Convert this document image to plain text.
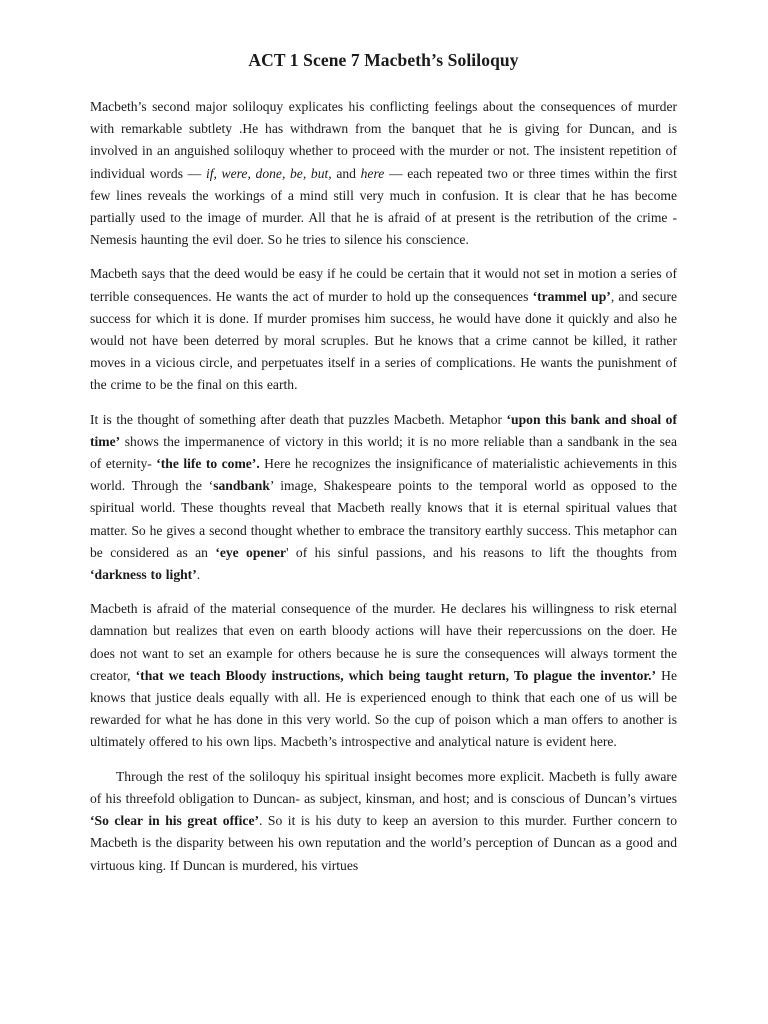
ACT 1 Scene 7 Macbeth’s Soliloquy

Macbeth’s second major soliloquy explicates his conflicting feelings about the consequences of murder with remarkable subtlety .He has withdrawn from the banquet that he is giving for Duncan, and is involved in an anguished soliloquy whether to proceed with the murder or not. The insistent repetition of individual words — if, were, done, be, but, and here — each repeated two or three times within the first few lines reveals the workings of a mind still very much in confusion. It is clear that he has become partially used to the image of murder. All that he is afraid of at present is the retribution of the crime - Nemesis haunting the evil doer. So he tries to silence his conscience.

Macbeth says that the deed would be easy if he could be certain that it would not set in motion a series of terrible consequences. He wants the act of murder to hold up the consequences ‘trammel up’, and secure success for which it is done. If murder promises him success, he would have done it quickly and also he would not have been deterred by moral scruples. But he knows that a crime cannot be killed, it rather moves in a vicious circle, and perpetuates itself in a series of complications. He wants the punishment of the crime to be the final on this earth.

It is the thought of something after death that puzzles Macbeth. Metaphor ‘upon this bank and shoal of time’ shows the impermanence of victory in this world; it is no more reliable than a sandbank in the sea of eternity- ‘the life to come’. Here he recognizes the insignificance of materialistic achievements in this world. Through the ‘sandbank’ image, Shakespeare points to the temporal world as opposed to the spiritual world. These thoughts reveal that Macbeth really knows that it is eternal spiritual values that matter. So he gives a second thought whether to embrace the transitory earthly success. This metaphor can be considered as an ‘eye opener' of his sinful passions, and his reasons to lift the thoughts from ‘darkness to light’.

Macbeth is afraid of the material consequence of the murder. He declares his willingness to risk eternal damnation but realizes that even on earth bloody actions will have their repercussions on the doer. He does not want to set an example for others because he is sure the consequences will always torment the creator, ‘that we teach Bloody instructions, which being taught return, To plague the inventor.’ He knows that justice deals equally with all. He is experienced enough to think that each one of us will be rewarded for what he has done in this very world. So the cup of poison which a man offers to another is ultimately offered to his own lips. Macbeth’s introspective and analytical nature is evident here.

Through the rest of the soliloquy his spiritual insight becomes more explicit. Macbeth is fully aware of his threefold obligation to Duncan- as subject, kinsman, and host; and is conscious of Duncan’s virtues ‘So clear in his great office’. So it is his duty to keep an aversion to this murder. Further concern to Macbeth is the disparity between his own reputation and the world’s perception of Duncan as a good and virtuous king. If Duncan is murdered, his virtues
